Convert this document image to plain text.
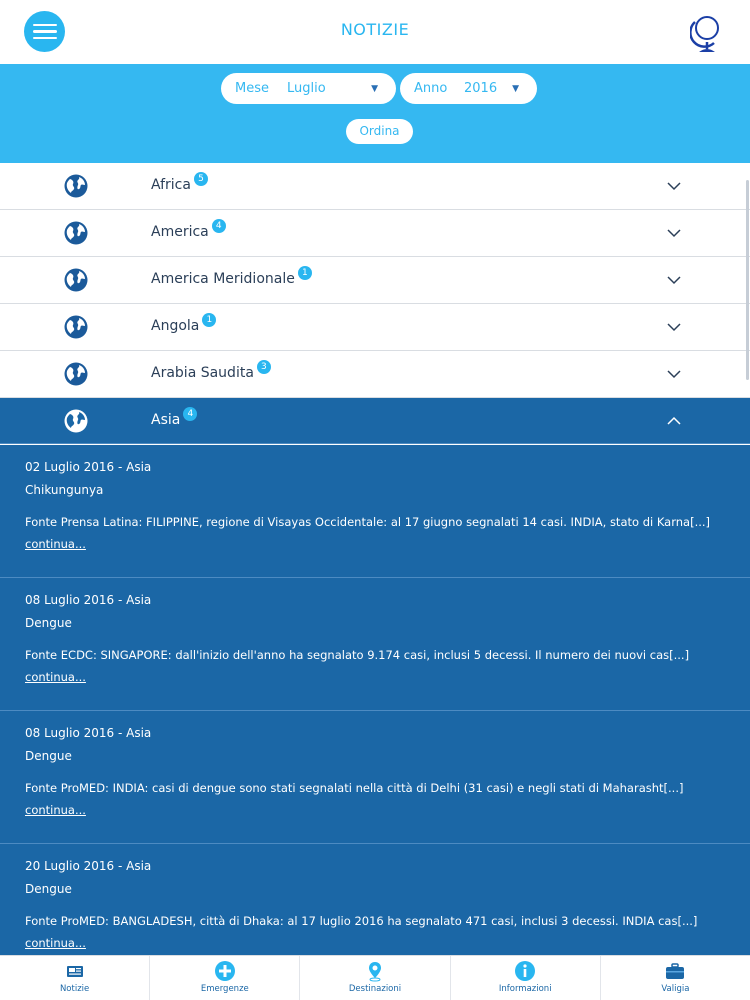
NOTIZIE
Mese Luglio	▼	Anno 2016 ▼
Ordina
Africa 5
America 4
America Meridionale 1
Angola 1
Arabia Saudita 3
Asia 4
02 Luglio 2016 - Asia
Chikungunya
Fonte Prensa Latina: FILIPPINE, regione di Visayas Occidentale: al 17 giugno segnalati 14 casi. INDIA, stato di Karna[...]
continua...
08 Luglio 2016 - Asia
Dengue
Fonte ECDC: SINGAPORE: dall'inizio dell'anno ha segnalato 9.174 casi, inclusi 5 decessi. Il numero dei nuovi cas[...]
continua...
08 Luglio 2016 - Asia
Dengue
Fonte ProMED: INDIA: casi di dengue sono stati segnalati nella città di Delhi (31 casi) e negli stati di Maharasht[...]
continua...
20 Luglio 2016 - Asia
Dengue
Fonte ProMED: BANGLADESH, città di Dhaka: al 17 luglio 2016 ha segnalato 471 casi, inclusi 3 decessi. INDIA cas[...]
continua...
Notizie	Emergenze	Destinazioni	Informazioni	Valigia
